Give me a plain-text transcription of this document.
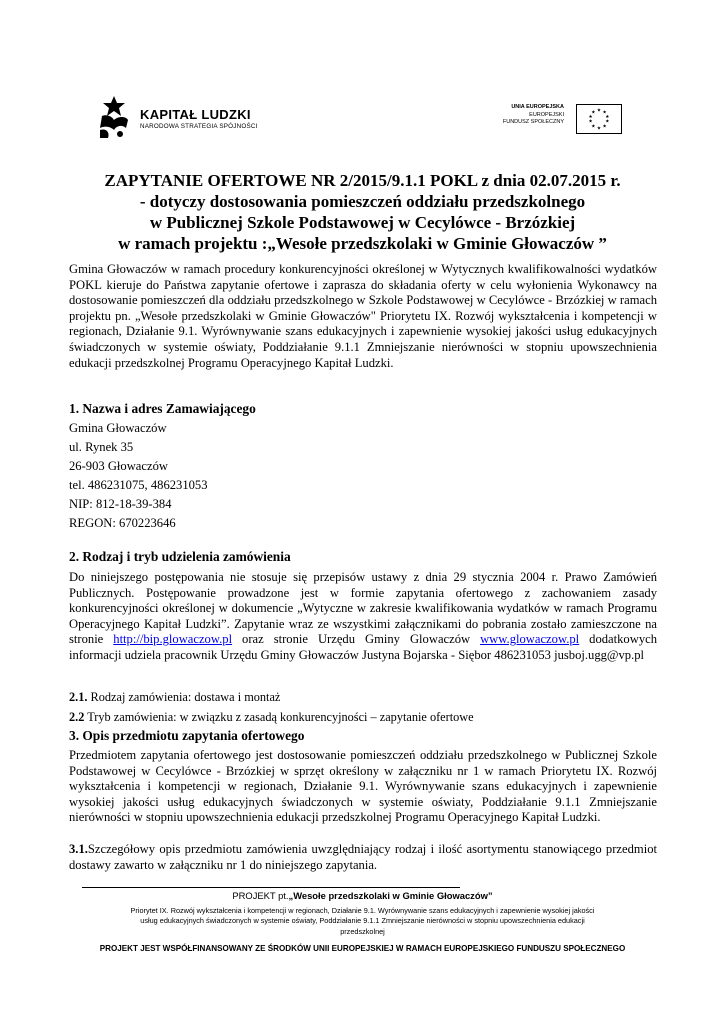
KAPITAŁ LUDZKI
NARODOWA STRATEGIA SPÓJNOŚCI
UNIA EUROPEJSKA
EUROPEJSKI
FUNDUSZ SPOŁECZNY
★ ★
★
★
★
★
★
★
★
★
ZAPYTANIE OFERTOWE NR 2/2015/9.1.1 POKL z dnia 02.07.2015 r.
- dotyczy dostosowania pomieszczeń oddziału przedszkolnego
w Publicznej Szkole Podstawowej w Cecylówce - Brzózkiej
w ramach projektu :„Wesołe przedszkolaki w Gminie Głowaczów ”
Gmina Głowaczów w ramach procedury konkurencyjności określonej w Wytycznych kwalifikowalności wydatków POKL kieruje do Państwa zapytanie ofertowe i zaprasza do składania oferty w celu wyłonienia Wykonawcy na dostosowanie pomieszczeń dla oddziału przedszkolnego w Szkole Podstawowej w Cecylówce - Brzózkiej w ramach projektu pn. „Wesołe przedszkolaki w Gminie Głowaczów" Priorytetu IX. Rozwój wykształcenia i kompetencji w regionach, Działanie 9.1. Wyrównywanie szans edukacyjnych i zapewnienie wysokiej jakości usług edukacyjnych świadczonych w systemie oświaty, Poddziałanie 9.1.1 Zmniejszanie nierówności w stopniu upowszechnienia edukacji przedszkolnej Programu Operacyjnego Kapitał Ludzki.
1. Nazwa i adres Zamawiającego
Gmina Głowaczów
ul. Rynek 35
26-903 Głowaczów
tel. 486231075, 486231053
NIP: 812-18-39-384
REGON: 670223646
2. Rodzaj i tryb udzielenia zamówienia
Do niniejszego postępowania nie stosuje się przepisów ustawy z dnia 29 stycznia 2004 r. Prawo Zamówień Publicznych. Postępowanie prowadzone jest w formie zapytania ofertowego z zachowaniem zasady konkurencyjności określonej w dokumencie „Wytyczne w zakresie kwalifikowania wydatków w ramach Programu Operacyjnego Kapitał Ludzki”. Zapytanie wraz ze wszystkimi załącznikami do pobrania zostało zamieszczone na stronie http://bip.glowaczow.pl oraz stronie Urzędu Gminy Glowaczów www.glowaczow.pl dodatkowych informacji udziela pracownik Urzędu Gminy Głowaczów Justyna Bojarska - Siębor 486231053 jusboj.ugg@vp.pl
2.1. Rodzaj zamówienia: dostawa i montaż
2.2 Tryb zamówienia: w związku z zasadą konkurencyjności – zapytanie ofertowe
3. Opis przedmiotu zapytania ofertowego
Przedmiotem zapytania ofertowego jest dostosowanie pomieszczeń oddziału przedszkolnego w Publicznej Szkole Podstawowej w Cecylówce - Brzózkiej w sprzęt określony w załączniku nr 1 w ramach Priorytetu IX. Rozwój wykształcenia i kompetencji w regionach, Działanie 9.1. Wyrównywanie szans edukacyjnych i zapewnienie wysokiej jakości usług edukacyjnych świadczonych w systemie oświaty, Poddziałanie 9.1.1 Zmniejszanie nierówności w stopniu upowszechnienia edukacji przedszkolnej Programu Operacyjnego Kapitał Ludzki.
3.1.Szczegółowy opis przedmiotu zamówienia uwzględniający rodzaj i ilość asortymentu stanowiącego przedmiot dostawy zawarto w załączniku nr 1 do niniejszego zapytania.
PROJEKT pt.„Wesołe przedszkolaki w Gminie Głowaczów”
Priorytet IX. Rozwój wykształcenia i kompetencji w regionach, Działanie 9.1. Wyrównywanie szans edukacyjnych i zapewnienie wysokiej jakości
usług edukacyjnych świadczonych w systemie oświaty, Poddziałanie 9.1.1 Zmniejszanie nierówności w stopniu upowszechnienia edukacji
przedszkolnej
PROJEKT JEST WSPÓŁFINANSOWANY ZE ŚRODKÓW UNII EUROPEJSKIEJ W RAMACH EUROPEJSKIEGO FUNDUSZU SPOŁECZNEGO
